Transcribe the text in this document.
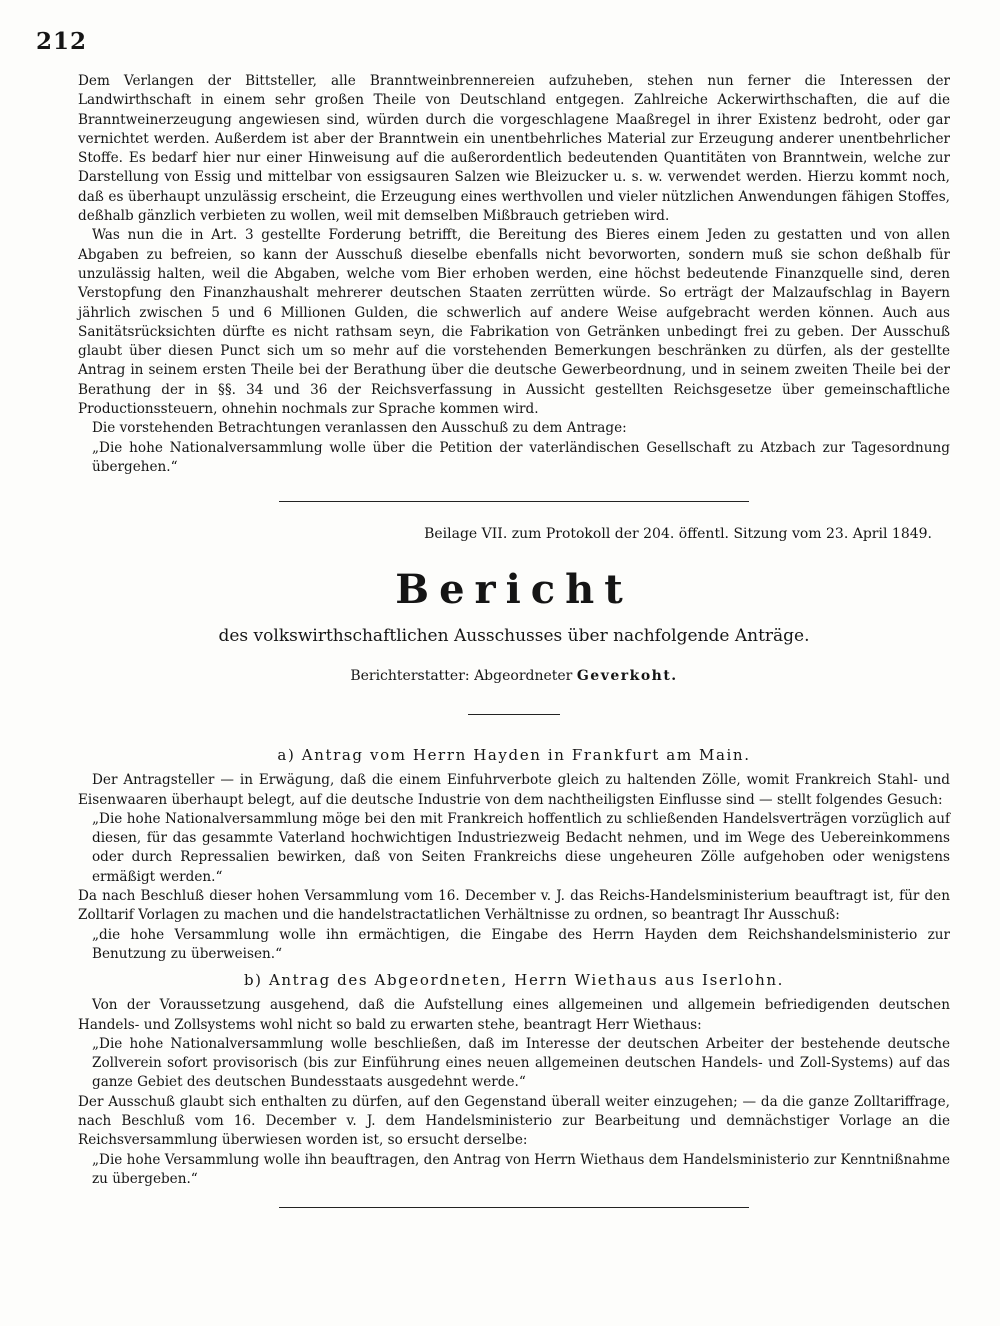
212

Dem Verlangen der Bittsteller, alle Branntweinbrennereien aufzuheben, stehen nun ferner die Interessen der Landwirthschaft in einem sehr großen Theile von Deutschland entgegen. Zahlreiche Ackerwirthschaften, die auf die Branntweinerzeugung angewiesen sind, würden durch die vorgeschlagene Maaßregel in ihrer Existenz bedroht, oder gar vernichtet werden. Außerdem ist aber der Branntwein ein unentbehrliches Material zur Erzeugung anderer unentbehrlicher Stoffe. Es bedarf hier nur einer Hinweisung auf die außerordentlich bedeutenden Quantitäten von Branntwein, welche zur Darstellung von Essig und mittelbar von essigsauren Salzen wie Bleizucker u. s. w. verwendet werden. Hierzu kommt noch, daß es überhaupt unzulässig erscheint, die Erzeugung eines werthvollen und vieler nützlichen Anwendungen fähigen Stoffes, deßhalb gänzlich verbieten zu wollen, weil mit demselben Mißbrauch getrieben wird.

Was nun die in Art. 3 gestellte Forderung betrifft, die Bereitung des Bieres einem Jeden zu gestatten und von allen Abgaben zu befreien, so kann der Ausschuß dieselbe ebenfalls nicht bevorworten, sondern muß sie schon deßhalb für unzulässig halten, weil die Abgaben, welche vom Bier erhoben werden, eine höchst bedeutende Finanzquelle sind, deren Verstopfung den Finanzhaushalt mehrerer deutschen Staaten zerrütten würde. So erträgt der Malzaufschlag in Bayern jährlich zwischen 5 und 6 Millionen Gulden, die schwerlich auf andere Weise aufgebracht werden können. Auch aus Sanitätsrücksichten dürfte es nicht rathsam seyn, die Fabrikation von Getränken unbedingt frei zu geben. Der Ausschuß glaubt über diesen Punct sich um so mehr auf die vorstehenden Bemerkungen beschränken zu dürfen, als der gestellte Antrag in seinem ersten Theile bei der Berathung über die deutsche Gewerbeordnung, und in seinem zweiten Theile bei der Berathung der in §§. 34 und 36 der Reichsverfassung in Aussicht gestellten Reichsgesetze über gemeinschaftliche Productionssteuern, ohnehin nochmals zur Sprache kommen wird.

Die vorstehenden Betrachtungen veranlassen den Ausschuß zu dem Antrage:

„Die hohe Nationalversammlung wolle über die Petition der vaterländischen Gesellschaft zu Atzbach zur Tagesordnung übergehen.“

Beilage VII. zum Protokoll der 204. öffentl. Sitzung vom 23. April 1849.

Bericht

des volkswirthschaftlichen Ausschusses über nachfolgende Anträge.

Berichterstatter: Abgeordneter Geverkoht.

a) Antrag vom Herrn Hayden in Frankfurt am Main.

Der Antragsteller — in Erwägung, daß die einem Einfuhrverbote gleich zu haltenden Zölle, womit Frankreich Stahl- und Eisenwaaren überhaupt belegt, auf die deutsche Industrie von dem nachtheiligsten Einflusse sind — stellt folgendes Gesuch:

„Die hohe Nationalversammlung möge bei den mit Frankreich hoffentlich zu schließenden Handelsverträgen vorzüglich auf diesen, für das gesammte Vaterland hochwichtigen Industriezweig Bedacht nehmen, und im Wege des Uebereinkommens oder durch Repressalien bewirken, daß von Seiten Frankreichs diese ungeheuren Zölle aufgehoben oder wenigstens ermäßigt werden.“

Da nach Beschluß dieser hohen Versammlung vom 16. December v. J. das Reichs-Handelsministerium beauftragt ist, für den Zolltarif Vorlagen zu machen und die handelstractatlichen Verhältnisse zu ordnen, so beantragt Ihr Ausschuß:

„die hohe Versammlung wolle ihn ermächtigen, die Eingabe des Herrn Hayden dem Reichshandelsministerio zur Benutzung zu überweisen.“

b) Antrag des Abgeordneten, Herrn Wiethaus aus Iserlohn.

Von der Voraussetzung ausgehend, daß die Aufstellung eines allgemeinen und allgemein befriedigenden deutschen Handels- und Zollsystems wohl nicht so bald zu erwarten stehe, beantragt Herr Wiethaus:

„Die hohe Nationalversammlung wolle beschließen, daß im Interesse der deutschen Arbeiter der bestehende deutsche Zollverein sofort provisorisch (bis zur Einführung eines neuen allgemeinen deutschen Handels- und Zoll-Systems) auf das ganze Gebiet des deutschen Bundesstaats ausgedehnt werde.“

Der Ausschuß glaubt sich enthalten zu dürfen, auf den Gegenstand überall weiter einzugehen; — da die ganze Zolltariffrage, nach Beschluß vom 16. December v. J. dem Handelsministerio zur Bearbeitung und demnächstiger Vorlage an die Reichsversammlung überwiesen worden ist, so ersucht derselbe:

„Die hohe Versammlung wolle ihn beauftragen, den Antrag von Herrn Wiethaus dem Handelsministerio zur Kenntnißnahme zu übergeben.“
